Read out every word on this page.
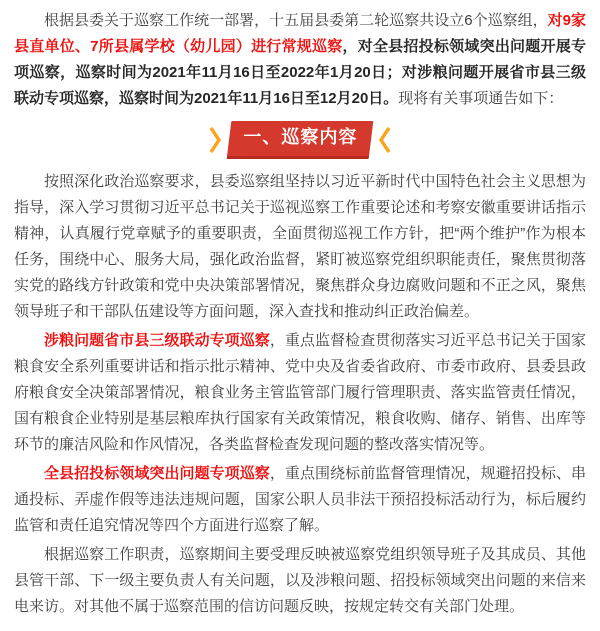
根据县委关于巡察工作统一部署，十五届县委第二轮巡察共设立6个巡察组，对9家县直单位、7所县属学校（幼儿园）进行常规巡察，对全县招投标领域突出问题开展专项巡察，巡察时间为2021年11月16日至2022年1月20日；对涉粮问题开展省市县三级联动专项巡察，巡察时间为2021年11月16日至12月20日。现将有关事项通告如下：

一、巡察内容

按照深化政治巡察要求，县委巡察组坚持以习近平新时代中国特色社会主义思想为指导，深入学习贯彻习近平总书记关于巡视巡察工作重要论述和考察安徽重要讲话指示精神，认真履行党章赋予的重要职责，全面贯彻巡视工作方针，把“两个维护”作为根本任务，围绕中心、服务大局，强化政治监督，紧盯被巡察党组织职能责任，聚焦贯彻落实党的路线方针政策和党中央决策部署情况，聚焦群众身边腐败问题和不正之风，聚焦领导班子和干部队伍建设等方面问题，深入查找和推动纠正政治偏差。

涉粮问题省市县三级联动专项巡察，重点监督检查贯彻落实习近平总书记关于国家粮食安全系列重要讲话和指示批示精神、党中央及省委省政府、市委市政府、县委县政府粮食安全决策部署情况，粮食业务主管监管部门履行管理职责、落实监管责任情况，国有粮食企业特别是基层粮库执行国家有关政策情况，粮食收购、储存、销售、出库等环节的廉洁风险和作风情况，各类监督检查发现问题的整改落实情况等。

全县招投标领域突出问题专项巡察，重点围绕标前监督管理情况，规避招投标、串通投标、弄虚作假等违法违规问题，国家公职人员非法干预招投标活动行为，标后履约监管和责任追究情况等四个方面进行巡察了解。

根据巡察工作职责，巡察期间主要受理反映被巡察党组织领导班子及其成员、其他县管干部、下一级主要负责人有关问题，以及涉粮问题、招投标领域突出问题的来信来电来访。对其他不属于巡察范围的信访问题反映，按规定转交有关部门处理。
